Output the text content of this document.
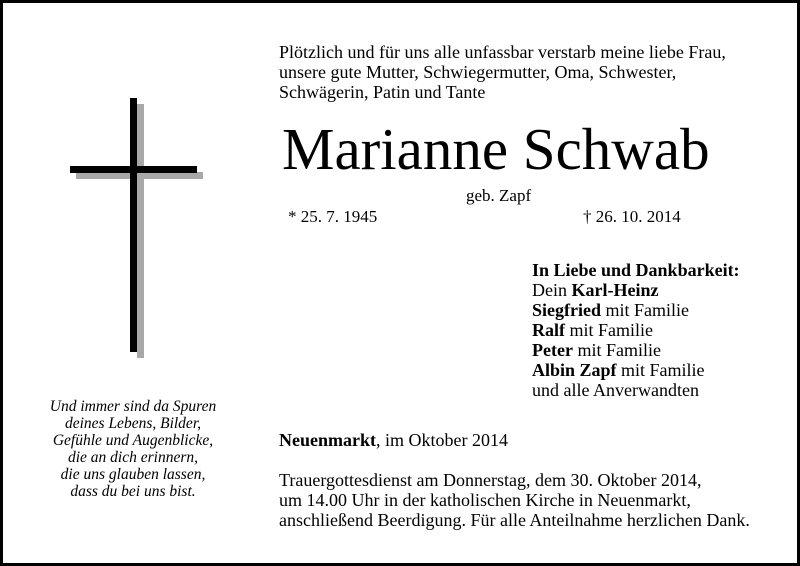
Plötzlich und für uns alle unfassbar verstarb meine liebe Frau,
unsere gute Mutter, Schwiegermutter, Oma, Schwester,
Schwägerin, Patin und Tante
Marianne Schwab
geb. Zapf
* 25. 7. 1945	† 26. 10. 2014
In Liebe und Dankbarkeit:
Dein Karl-Heinz
Siegfried mit Familie
Ralf mit Familie
Peter mit Familie
Albin Zapf mit Familie
und alle Anverwandten
Neuenmarkt, im Oktober 2014
Trauergottesdienst am Donnerstag, dem 30. Oktober 2014,
um 14.00 Uhr in der katholischen Kirche in Neuenmarkt,
anschließend Beerdigung. Für alle Anteilnahme herzlichen Dank.
Und immer sind da Spuren
deines Lebens, Bilder,
Gefühle und Augenblicke,
die an dich erinnern,
die uns glauben lassen,
dass du bei uns bist.
